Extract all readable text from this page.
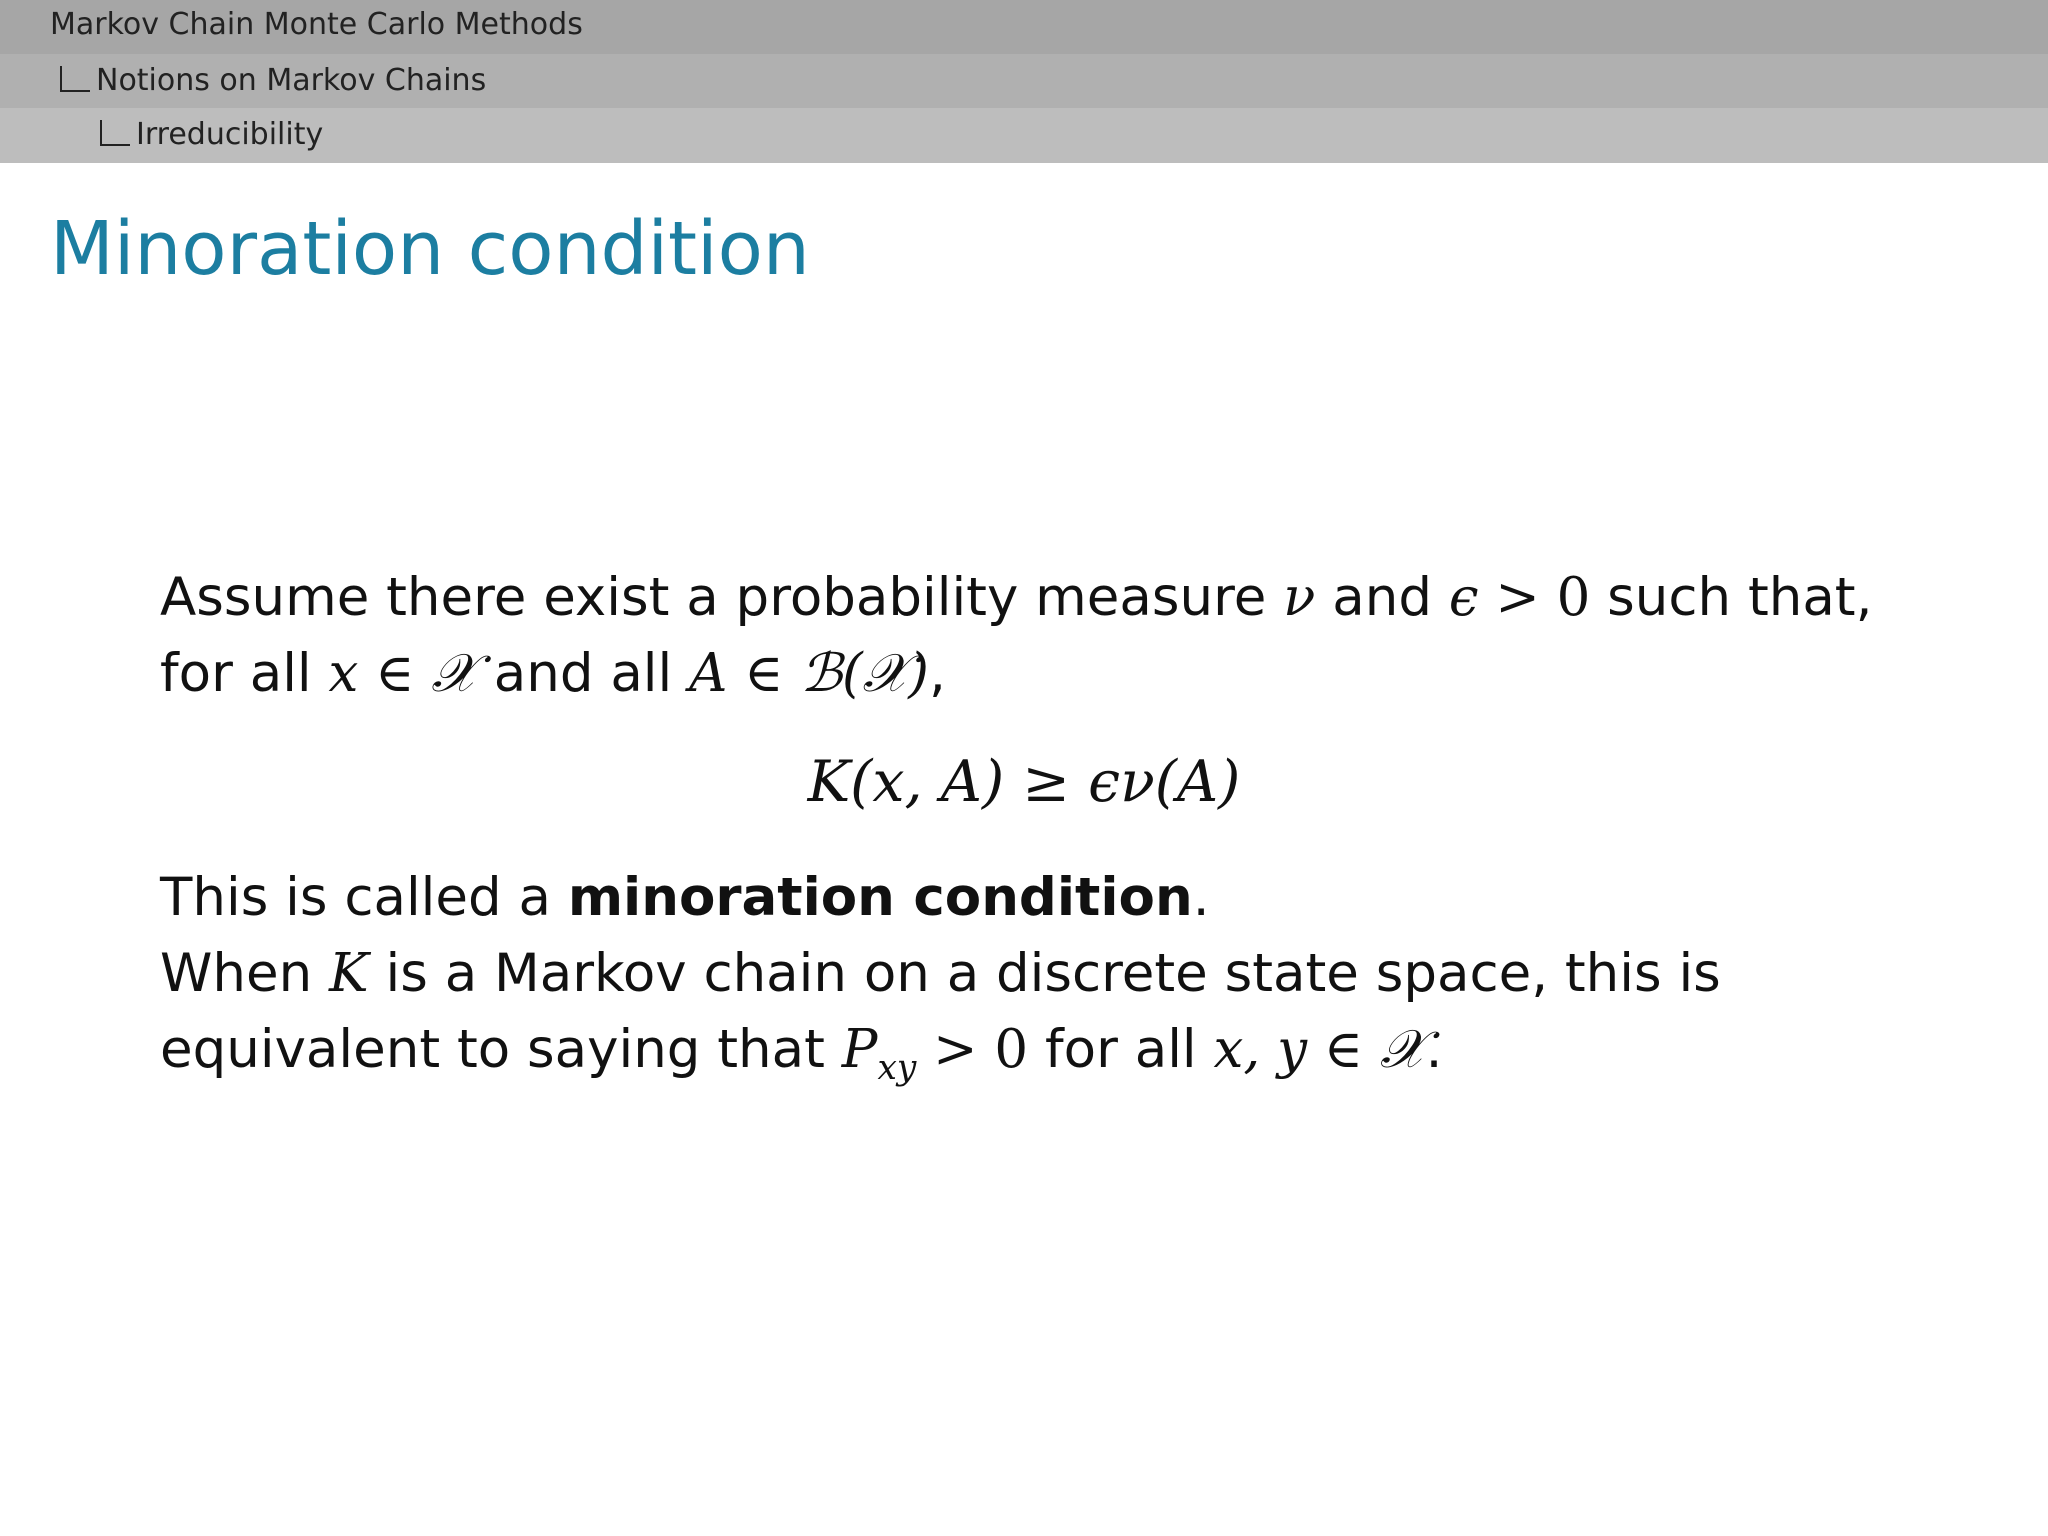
Markov Chain Monte Carlo Methods
Notions on Markov Chains
Irreducibility
Minoration condition
Assume there exist a probability measure ν and ϵ > 0 such that,
for all x ∈ 𝒳 and all A ∈ ℬ(𝒳),
K(x, A) ≥ ϵν(A)
This is called a minoration condition.
When K is a Markov chain on a discrete state space, this is
equivalent to saying that $P_{xy} > 0$ for all x, y ∈ 𝒳.
